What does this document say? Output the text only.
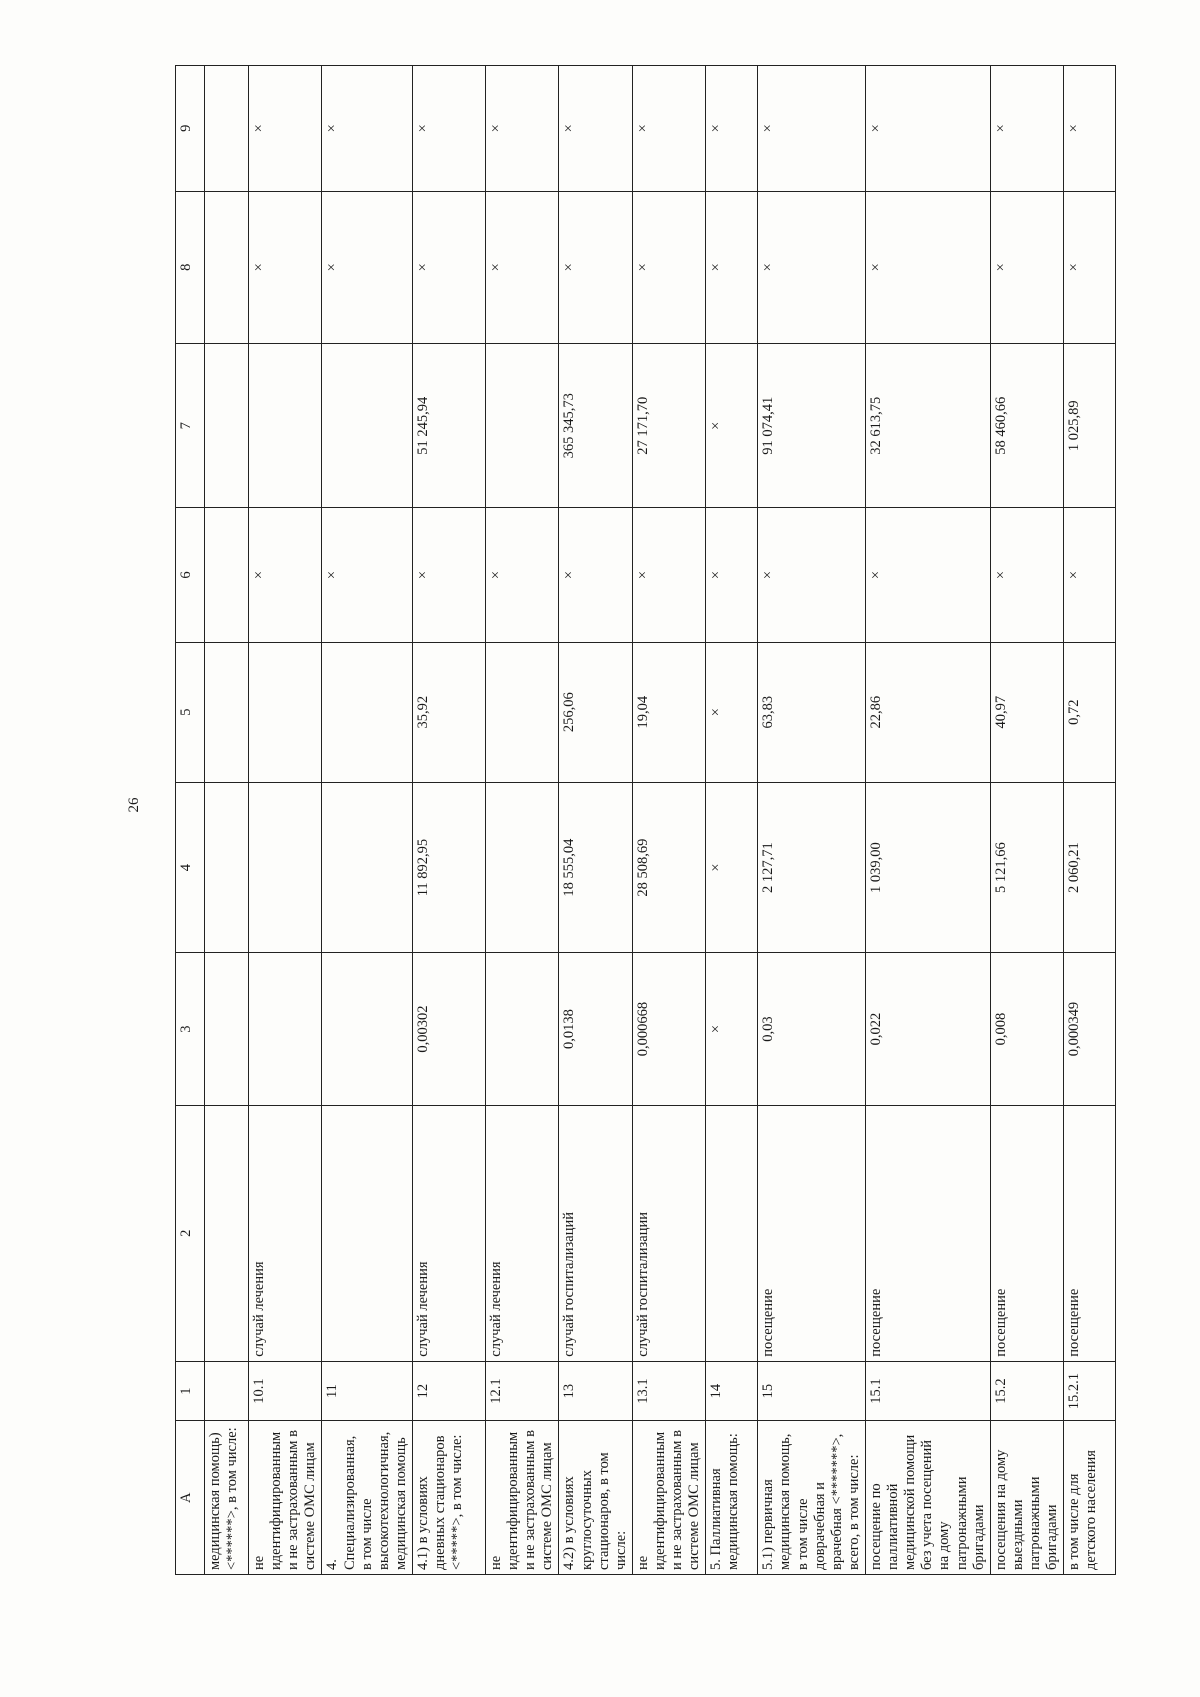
26
A	1	2	3	4	5	6	7	8	9
медицинская помощь) <******>, в том числе:									
не идентифицированным и не застрахованным в системе ОМС лицам	10.1	случай лечения				×		×	×
4. Специализированная, в том числе высокотехнологичная, медицинская помощь	11					×		×	×
4.1) в условиях дневных стационаров <*****>, в том числе:	12	случай лечения	0,00302	11 892,95	35,92	×	51 245,94	×	×
не идентифицированным и не застрахованным в системе ОМС лицам	12.1	случай лечения				×		×	×
4.2) в условиях круглосуточных стационаров, в том числе:	13	случай госпитализаций	0,0138	18 555,04	256,06	×	365 345,73	×	×
не идентифицированным и не застрахованным в системе ОМС лицам	13.1	случай госпитализации	0,000668	28 508,69	19,04	×	27 171,70	×	×
5. Паллиативная медицинская помощь:	14		×	×	×	×	×	×	×
5.1) первичная медицинская помощь, в том числе доврачебная и врачебная <*******>, всего, в том числе:	15	посещение	0,03	2 127,71	63,83	×	91 074,41	×	×
посещение по паллиативной медицинской помощи без учета посещений на дому патронажными бригадами	15.1	посещение	0,022	1 039,00	22,86	×	32 613,75	×	×
посещения на дому выездными патронажными бригадами	15.2	посещение	0,008	5 121,66	40,97	×	58 460,66	×	×
в том числе для детского населения	15.2.1	посещение	0,000349	2 060,21	0,72	×	1 025,89	×	×
